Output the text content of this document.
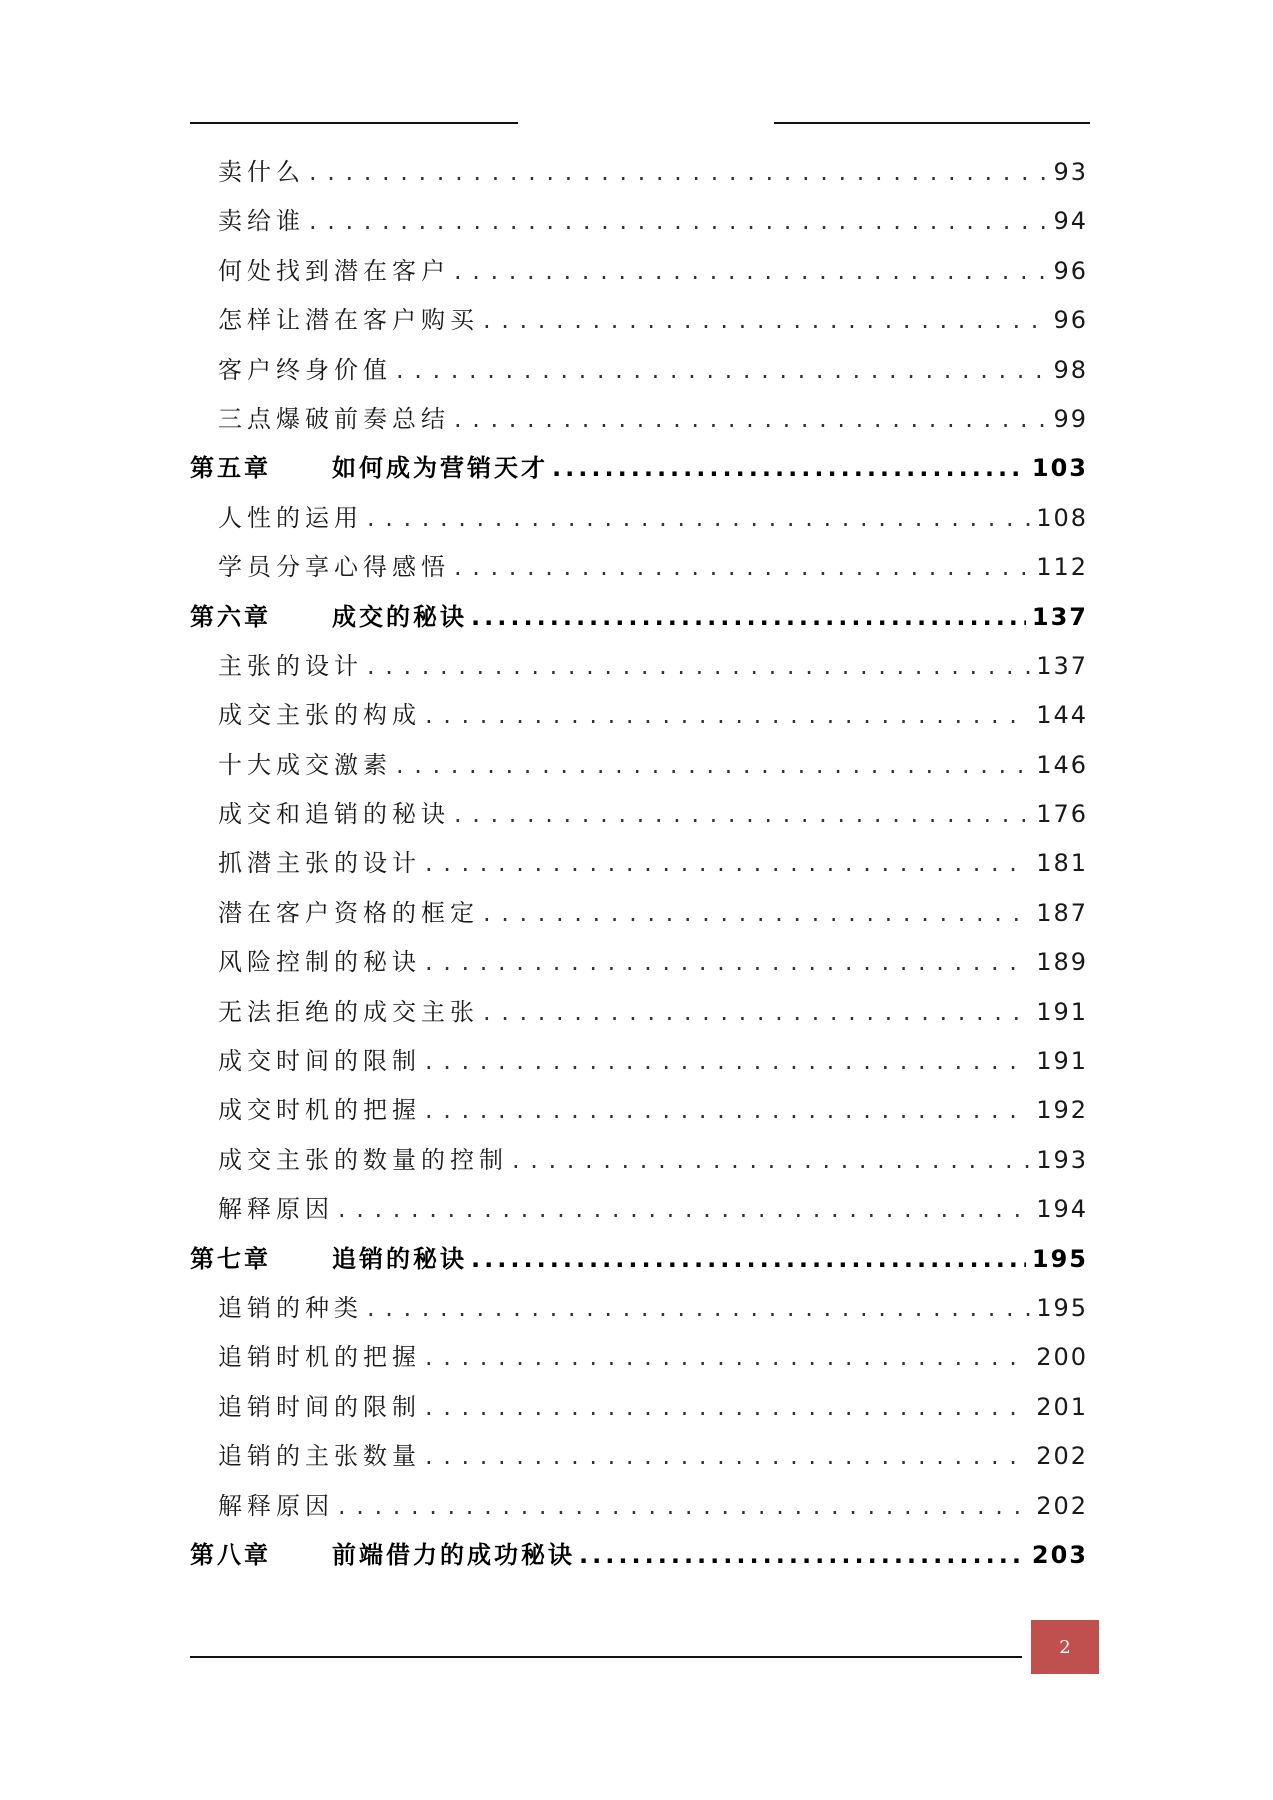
卖什么 . . .	93
卖给谁 . . .	94
何处找到潜在客户 . . .	96
怎样让潜在客户购买 . . .	96
客户终身价值 . . .	98
三点爆破前奏总结 . . .	99
第五章	如何成为营销天才 .....	103
人性的运用 . . .	108
学员分享心得感悟 . . .	112
第六章	成交的秘诀 .....	137
主张的设计 . . .	137
成交主张的构成 . . .	144
十大成交激素 . . .	146
成交和追销的秘诀 . . .	176
抓潜主张的设计 . . .	181
潜在客户资格的框定 . . .	187
风险控制的秘诀 . . .	189
无法拒绝的成交主张 . . .	191
成交时间的限制 . . .	191
成交时机的把握 . . .	192
成交主张的数量的控制 . . .	193
解释原因 . . .	194
第七章	追销的秘诀 .....	195
追销的种类 . . .	195
追销时机的把握 . . .	200
追销时间的限制 . . .	201
追销的主张数量 . . .	202
解释原因 . . .	202
第八章	前端借力的成功秘诀 .....	203
2
